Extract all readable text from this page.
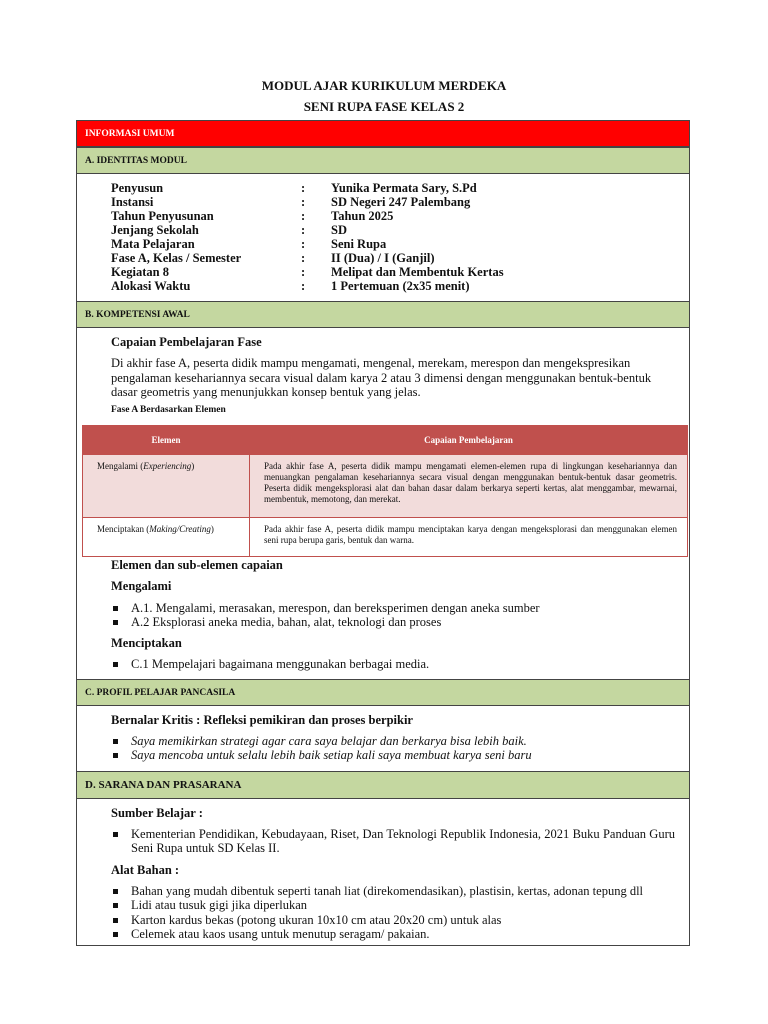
MODUL AJAR KURIKULUM MERDEKA
SENI RUPA FASE KELAS 2
INFORMASI UMUM
A. IDENTITAS MODUL
Penyusun	: Yunika Permata Sary, S.Pd
Instansi	: SD Negeri 247 Palembang
Tahun Penyusunan	: Tahun 2025
Jenjang Sekolah	: SD
Mata Pelajaran	: Seni Rupa
Fase A, Kelas / Semester	: II (Dua) / I (Ganjil)
Kegiatan 8	: Melipat dan Membentuk Kertas
Alokasi Waktu	: 1 Pertemuan (2x35 menit)
B. KOMPETENSI AWAL
Capaian Pembelajaran Fase
Di akhir fase A, peserta didik mampu mengamati, mengenal, merekam, merespon dan mengekspresikan pengalaman kesehariannya secara visual dalam karya 2 atau 3 dimensi dengan menggunakan bentuk-bentuk dasar geometris yang menunjukkan konsep bentuk yang jelas.
Fase A Berdasarkan Elemen
Elemen	Capaian Pembelajaran
Mengalami (Experiencing)	Pada akhir fase A, peserta didik mampu mengamati elemen-elemen rupa di lingkungan kesehariannya dan menuangkan pengalaman kesehariannya secara visual dengan menggunakan bentuk-bentuk dasar geometris. Peserta didik mengeksplorasi alat dan bahan dasar dalam berkarya seperti kertas, alat menggambar, mewarnai, membentuk, memotong, dan merekat.
Menciptakan (Making/Creating)	Pada akhir fase A, peserta didik mampu menciptakan karya dengan mengeksplorasi dan menggunakan elemen seni rupa berupa garis, bentuk dan warna.
Elemen dan sub-elemen capaian
Mengalami
A.1. Mengalami, merasakan, merespon, dan bereksperimen dengan aneka sumber
A.2 Eksplorasi aneka media, bahan, alat, teknologi dan proses
Menciptakan
C.1 Mempelajari bagaimana menggunakan berbagai media.
C. PROFIL PELAJAR PANCASILA
Bernalar Kritis : Refleksi pemikiran dan proses berpikir
Saya memikirkan strategi agar cara saya belajar dan berkarya bisa lebih baik.
Saya mencoba untuk selalu lebih baik setiap kali saya membuat karya seni baru
D. SARANA DAN PRASARANA
Sumber Belajar :
Kementerian Pendidikan, Kebudayaan, Riset, Dan Teknologi Republik Indonesia, 2021 Buku Panduan Guru Seni Rupa untuk SD Kelas II.
Alat Bahan :
Bahan yang mudah dibentuk seperti tanah liat (direkomendasikan), plastisin, kertas, adonan tepung dll
Lidi atau tusuk gigi jika diperlukan
Karton kardus bekas (potong ukuran 10x10 cm atau 20x20 cm) untuk alas
Celemek atau kaos usang untuk menutup seragam/ pakaian.
